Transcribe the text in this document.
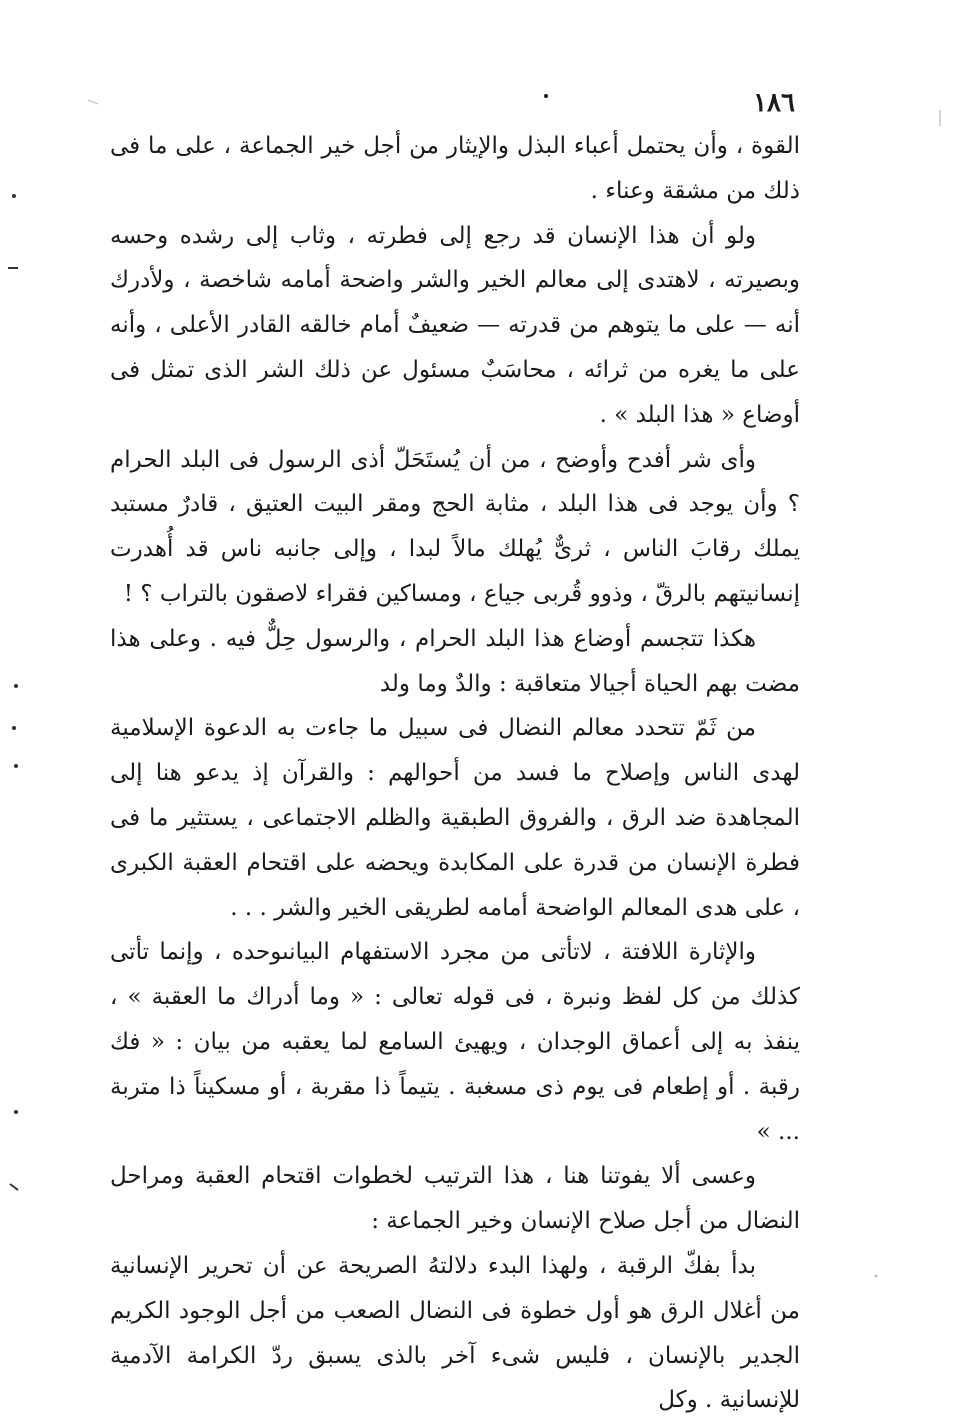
١٨٦

القوة ، وأن يحتمل أعباء البذل والإيثار من أجل خير الجماعة ، على ما فى ذلك من مشقة وعناء .

ولو أن هذا الإنسان قد رجع إلى فطرته ، وثاب إلى رشده وحسه وبصيرته ، لاهتدى إلى معالم الخير والشر واضحة أمامه شاخصة ، ولأدرك أنه — على ما يتوهم من قدرته — ضعيفٌ أمام خالقه القادر الأعلى ، وأنه على ما يغره من ثرائه ، محاسَبٌ مسئول عن ذلك الشر الذى تمثل فى أوضاع « هذا البلد » .

وأى شر أفدح وأوضح ، من أن يُستَحَلّ أذى الرسول فى البلد الحرام ؟ وأن يوجد فى هذا البلد ، مثابة الحج ومقر البيت العتيق ، قادرٌ مستبد يملك رقابَ الناس ، ثرىٌّ يُهلك مالاً لبدا ، وإلى جانبه ناس قد أُهدرت إنسانيتهم بالرقّ ، وذوو قُربى جياع ، ومساكين فقراء لاصقون بالتراب ؟ !

هكذا تتجسم أوضاع هذا البلد الحرام ، والرسول حِلٌّ فيه . وعلى هذا مضت بهم الحياة أجيالا متعاقبة : والدٌ وما ولد

من ثَمّ تتحدد معالم النضال فى سبيل ما جاءت به الدعوة الإسلامية لهدى الناس وإصلاح ما فسد من أحوالهم : والقرآن إذ يدعو هنا إلى المجاهدة ضد الرق ، والفروق الطبقية والظلم الاجتماعى ، يستثير ما فى فطرة الإنسان من قدرة على المكابدة ويحضه على اقتحام العقبة الكبرى ، على هدى المعالم الواضحة أمامه لطريقى الخير والشر . . .

والإثارة اللافتة ، لاتأتى من مجرد الاستفهام البيانىوحده ، وإنما تأتى كذلك من كل لفظ ونبرة ، فى قوله تعالى : « وما أدراك ما العقبة » ، ينفذ به إلى أعماق الوجدان ، ويهيئ السامع لما يعقبه من بيان : « فك رقبة . أو إطعام فى يوم ذى مسغبة . يتيماً ذا مقربة ، أو مسكيناً ذا متربة ... »

وعسى ألا يفوتنا هنا ، هذا الترتيب لخطوات اقتحام العقبة ومراحل النضال من أجل صلاح الإنسان وخير الجماعة :

بدأ بفكّ الرقبة ، ولهذا البدء دلالتهُ الصريحة عن أن تحرير الإنسانية من أغلال الرق هو أول خطوة فى النضال الصعب من أجل الوجود الكريم الجدير بالإنسان ، فليس شىء آخر بالذى يسبق ردّ الكرامة الآدمية للإنسانية . وكل
